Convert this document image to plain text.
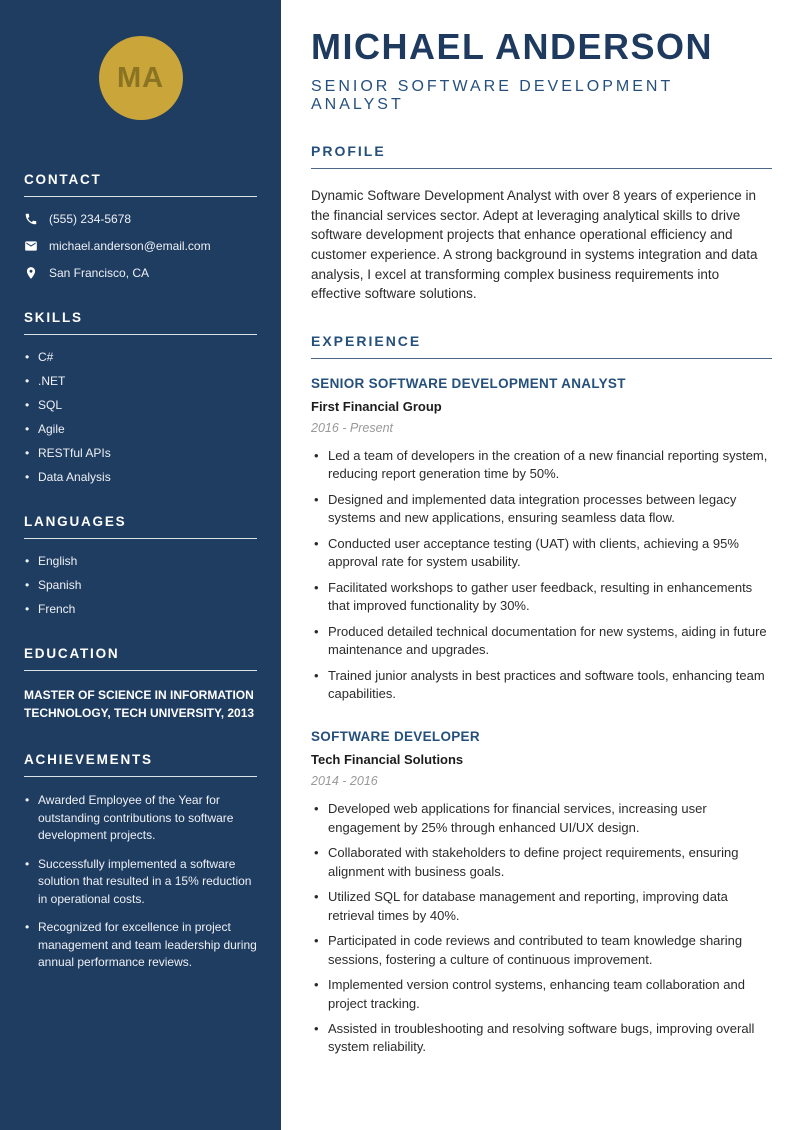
MA
CONTACT
(555) 234-5678
michael.anderson@email.com
San Francisco, CA
SKILLS
• C#
• .NET
• SQL
• Agile
• RESTful APIs
• Data Analysis
LANGUAGES
• English
• Spanish
• French
EDUCATION

MASTER OF SCIENCE IN INFORMATION TECHNOLOGY, TECH UNIVERSITY, 2013

ACHIEVEMENTS
• Awarded Employee of the Year for outstanding contributions to software development projects.
• Successfully implemented a software solution that resulted in a 15% reduction in operational costs.
• Recognized for excellence in project management and team leadership during annual performance reviews.
MICHAEL ANDERSON
SENIOR SOFTWARE DEVELOPMENT ANALYST
PROFILE

Dynamic Software Development Analyst with over 8 years of experience in the financial services sector. Adept at leveraging analytical skills to drive software development projects that enhance operational efficiency and customer experience. A strong background in systems integration and data analysis, I excel at transforming complex business requirements into effective software solutions.

EXPERIENCE
SENIOR SOFTWARE DEVELOPMENT ANALYST
First Financial Group
2016 - Present
• Led a team of developers in the creation of a new financial reporting system, reducing report generation time by 50%.
• Designed and implemented data integration processes between legacy systems and new applications, ensuring seamless data flow.
• Conducted user acceptance testing (UAT) with clients, achieving a 95% approval rate for system usability.
• Facilitated workshops to gather user feedback, resulting in enhancements that improved functionality by 30%.
• Produced detailed technical documentation for new systems, aiding in future maintenance and upgrades.
• Trained junior analysts in best practices and software tools, enhancing team capabilities.
SOFTWARE DEVELOPER
Tech Financial Solutions
2014 - 2016
• Developed web applications for financial services, increasing user engagement by 25% through enhanced UI/UX design.
• Collaborated with stakeholders to define project requirements, ensuring alignment with business goals.
• Utilized SQL for database management and reporting, improving data retrieval times by 40%.
• Participated in code reviews and contributed to team knowledge sharing sessions, fostering a culture of continuous improvement.
• Implemented version control systems, enhancing team collaboration and project tracking.
• Assisted in troubleshooting and resolving software bugs, improving overall system reliability.
